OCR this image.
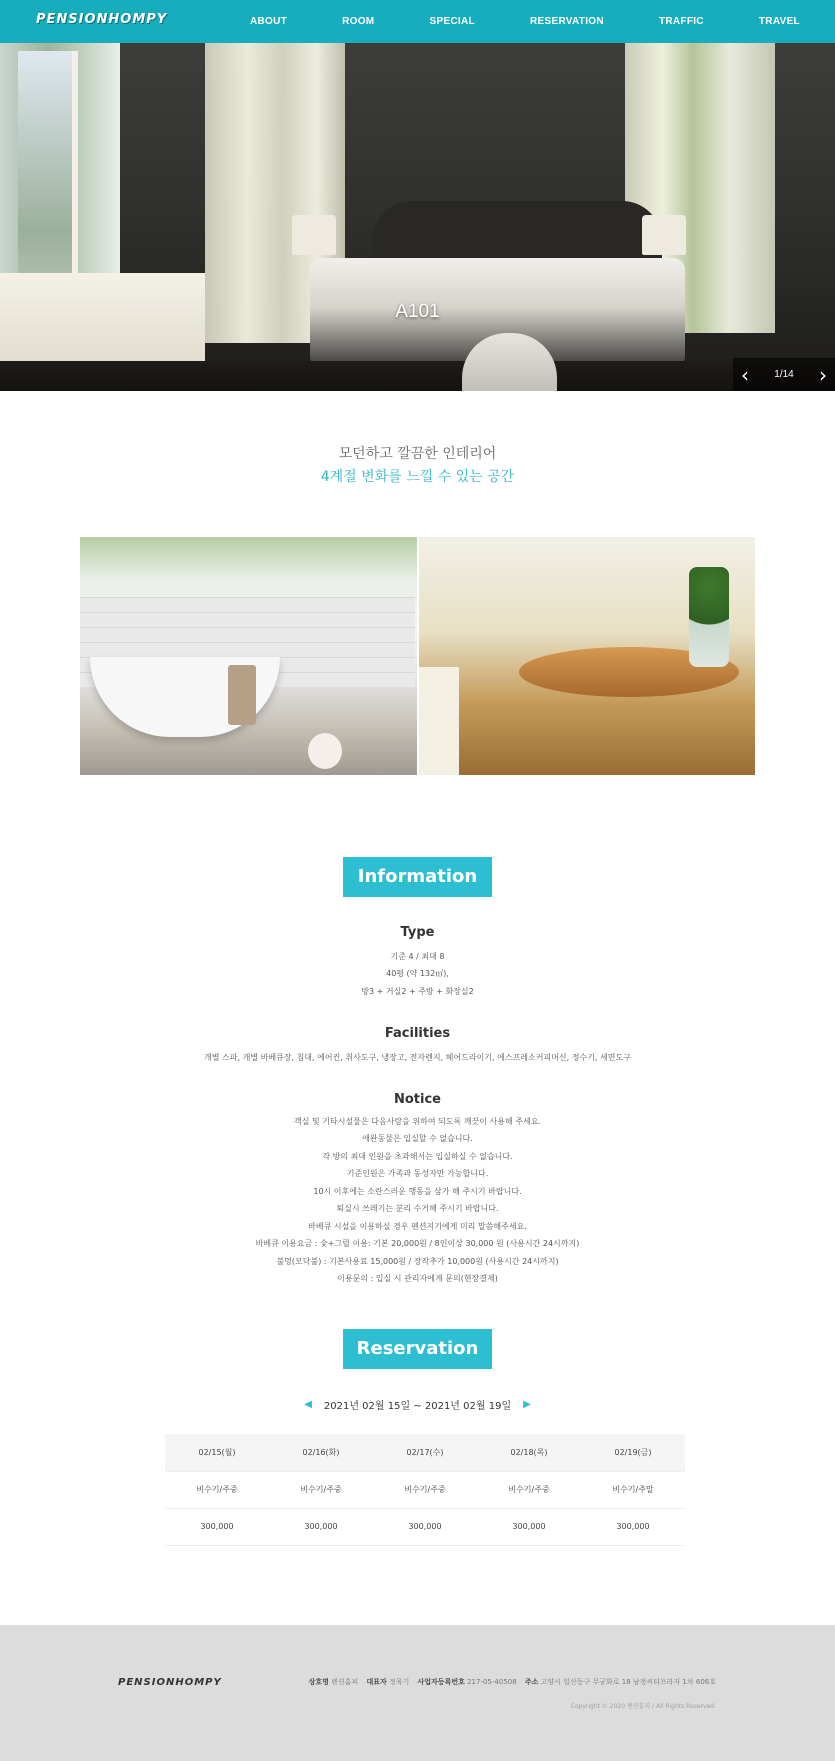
PENSIONHOMPY	ABOUT	ROOM	SPECIAL	RESERVATION	TRAFFIC	TRAVEL
A101
‹	1/14 ›
모던하고 깔끔한 인테리어
4계절 변화를 느낄 수 있는 공간
Information
Type
기준 4 / 최대 8
40평 (약 132㎡),
방3 + 거실2 + 주방 + 화장실2
Facilities
개별 스파, 개별 바베큐장, 침대, 에어컨, 취사도구, 냉장고, 전자렌지, 헤어드라이기, 에스프레소커피머신, 정수기, 세면도구
Notice
객실 및 기타시설물은 다음사람을 위하여 되도록 깨끗이 사용해 주세요.
애완동물은 입실할 수 없습니다.
각 방의 최대 인원을 초과해서는 입실하실 수 없습니다.
기준인원은 가족과 동성자만 가능합니다.
10시 이후에는 소란스러운 행동을 삼가 해 주시기 바랍니다.
퇴실시 쓰레기는 분리 수거해 주시기 바랍니다.
바베큐 시설을 이용하실 경우 펜션지기에게 미리 말씀해주세요.
바베큐 이용요금 : 숯+그릴 이용: 기본 20,000원 / 8인이상 30,000 원 (사용시간 24시까지)
불멍(모닥불) : 기본사용료 15,000원 / 장작추가 10,000원 (사용시간 24시까지)
이용문의 : 입실 시 관리자에게 문의(현장결제)
Reservation
◀ 2021년 02월 15일 ~ 2021년 02월 19일 ▶
02/15(월)	02/16(화)	02/17(수)	02/18(목)	02/19(금)
비수기/주중	비수기/주중	비수기/주중	비수기/주중	비수기/주말
300,000	300,000	300,000	300,000	300,000
PENSIONHOMPY	상호명 펜션홈피 대표자 정육기 사업자등록번호 217-05-40508 주소 고양시 일산동구 무궁화로 18 남정씨티프라자 1차 606호
Copyright © 2020 펜션홈피 / All Rights Reserved.
